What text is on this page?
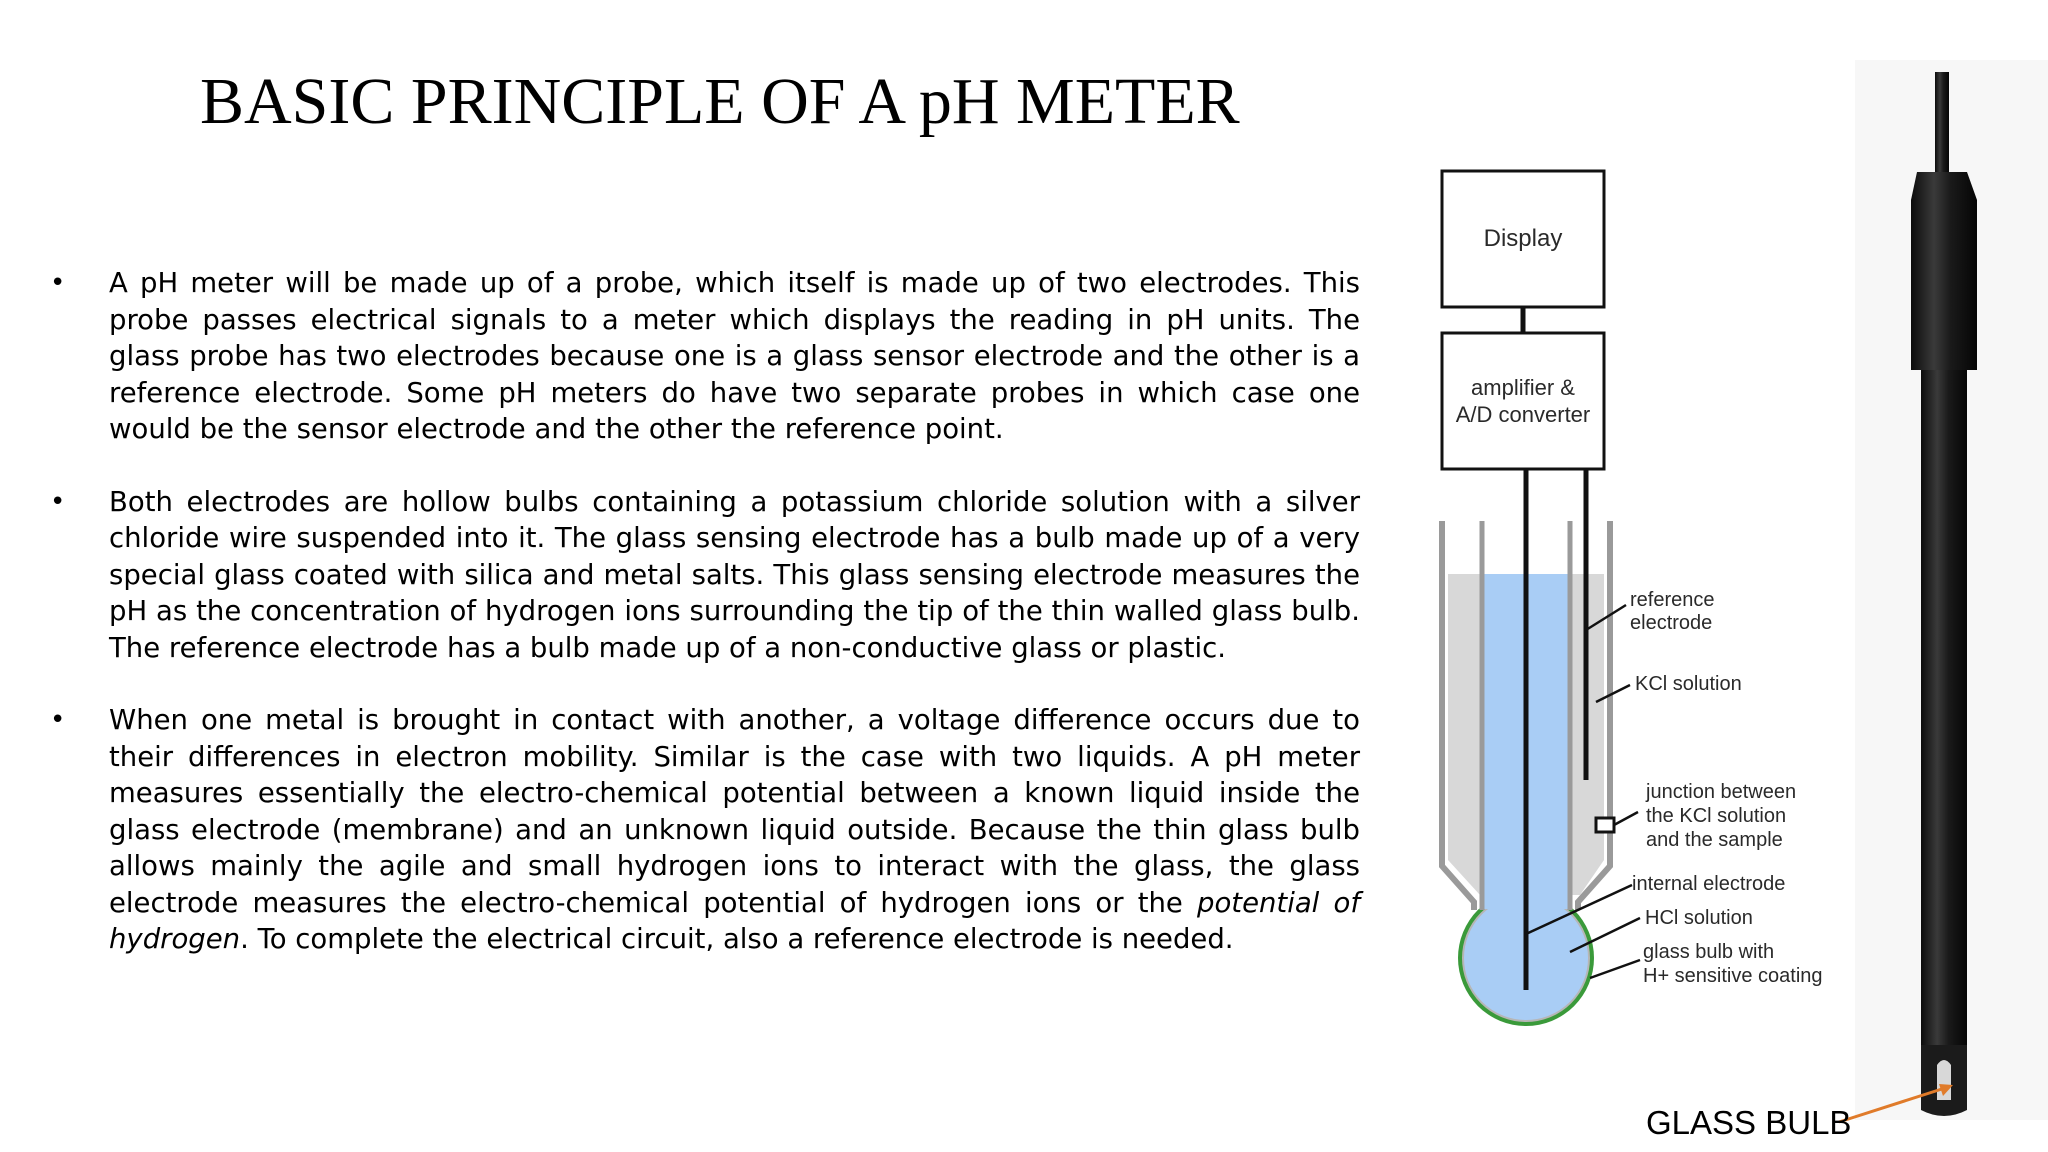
BASIC PRINCIPLE OF A pH METER
• A pH meter will be made up of a probe, which itself is made up of two electrodes. This probe passes electrical signals to a meter which displays the reading in pH units. The glass probe has two electrodes because one is a glass sensor electrode and the other is a reference electrode. Some pH meters do have two separate probes in which case one would be the sensor electrode and the other the reference point.
• Both electrodes are hollow bulbs containing a potassium chloride solution with a silver chloride wire suspended into it. The glass sensing electrode has a bulb made up of a very special glass coated with silica and metal salts. This glass sensing electrode measures the pH as the concentration of hydrogen ions surrounding the tip of the thin walled glass bulb. The reference electrode has a bulb made up of a non-conductive glass or plastic.
• When one metal is brought in contact with another, a voltage difference occurs due to their differences in electron mobility. Similar is the case with two liquids. A pH meter measures essentially the electro-chemical potential between a known liquid inside the glass electrode (membrane) and an unknown liquid outside. Because the thin glass bulb allows mainly the agile and small hydrogen ions to interact with the glass, the glass electrode measures the electro-chemical potential of hydrogen ions or the potential of hydrogen. To complete the electrical circuit, also a reference electrode is needed.
Display
amplifier &
A/D converter
reference
electrode
KCl solution
junction between
the KCl solution
and the sample
internal electrode
HCl solution
glass bulb with
H+ sensitive coating
GLASS BULB
